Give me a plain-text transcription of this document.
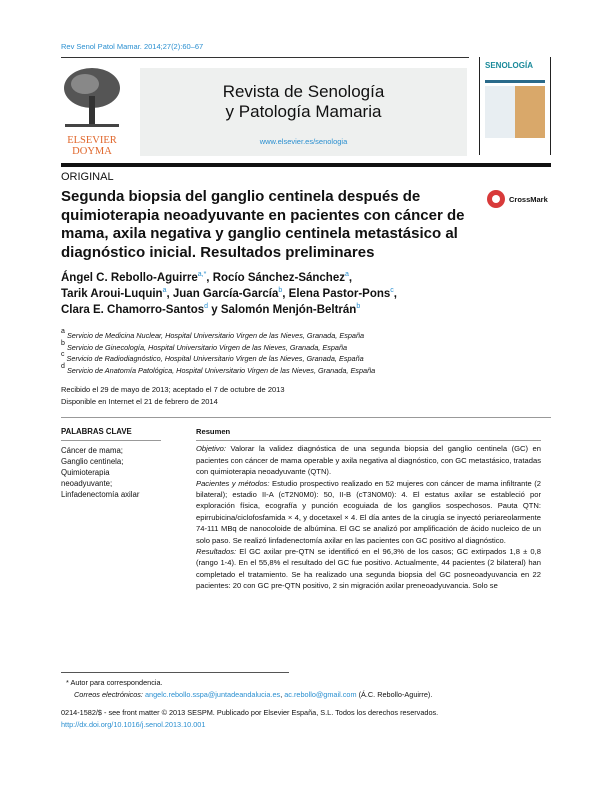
Rev Senol Patol Mamar. 2014;27(2):60–67
ELSEVIER
DOYMA
Revista de Senología
y Patología Mamaria
www.elsevier.es/senologia
SENOLOGÍA
ORIGINAL
Segunda biopsia del ganglio centinela después de quimioterapia neoadyuvante en pacientes con cáncer de mama, axila negativa y ganglio centinela metastásico al diagnóstico inicial. Resultados preliminares
CrossMark
Ángel C. Rebollo-Aguirre$^{a,*}$, Rocío Sánchez-Sánchez$^a$,
Tarik Aroui-Luquin$^a$, Juan García-García$^b$, Elena Pastor-Pons$^c$,
Clara E. Chamorro-Santos$^d$ y Salomón Menjón-Beltrán$^b$
$^a$ Servicio de Medicina Nuclear, Hospital Universitario Virgen de las Nieves, Granada, España
$^b$ Servicio de Ginecología, Hospital Universitario Virgen de las Nieves, Granada, España
$^c$ Servicio de Radiodiagnóstico, Hospital Universitario Virgen de las Nieves, Granada, España
$^d$ Servicio de Anatomía Patológica, Hospital Universitario Virgen de las Nieves, Granada, España
Recibido el 29 de mayo de 2013; aceptado el 7 de octubre de 2013
Disponible en Internet el 21 de febrero de 2014
PALABRAS CLAVE
Cáncer de mama;
Ganglio centinela;
Quimioterapia neoadyuvante;
Linfadenectomía axilar
Resumen
Objetivo: Valorar la validez diagnóstica de una segunda biopsia del ganglio centinela (GC) en pacientes con cáncer de mama operable y axila negativa al diagnóstico, con GC metastásico, tratadas con quimioterapia neoadyuvante (QTN).
Pacientes y métodos: Estudio prospectivo realizado en 52 mujeres con cáncer de mama infiltrante (2 bilateral); estadio II-A (cT2N0M0): 50, II-B (cT3N0M0): 4. El estatus axilar se estableció por exploración física, ecografía y punción ecoguiada de los ganglios sospechosos. Pauta QTN: epirrubicina/ciclofosfamida × 4, y docetaxel × 4. El día antes de la cirugía se inyectó periareolarmente 74-111 MBq de nanocoloide de albúmina. El GC se analizó por amplificación de ácido nucleico de un solo paso. Se realizó linfadenectomía axilar en las pacientes con GC positivo al diagnóstico.
Resultados: El GC axilar pre-QTN se identificó en el 96,3% de los casos; GC extirpados 1,8 ± 0,8 (rango 1-4). En el 55,8% el resultado del GC fue positivo. Actualmente, 44 pacientes (2 bilateral) han completado el tratamiento. Se ha realizado una segunda biopsia del GC posneoadyuvancia en 22 pacientes: 20 con GC pre-QTN positivo, 2 sin migración axilar preneoadyuvancia. Solo se
* Autor para correspondencia.
Correos electrónicos: angelc.rebollo.sspa@juntadeandalucia.es, ac.rebollo@gmail.com (Á.C. Rebollo-Aguirre).
0214-1582/$ - see front matter © 2013 SESPM. Publicado por Elsevier España, S.L. Todos los derechos reservados.
http://dx.doi.org/10.1016/j.senol.2013.10.001
